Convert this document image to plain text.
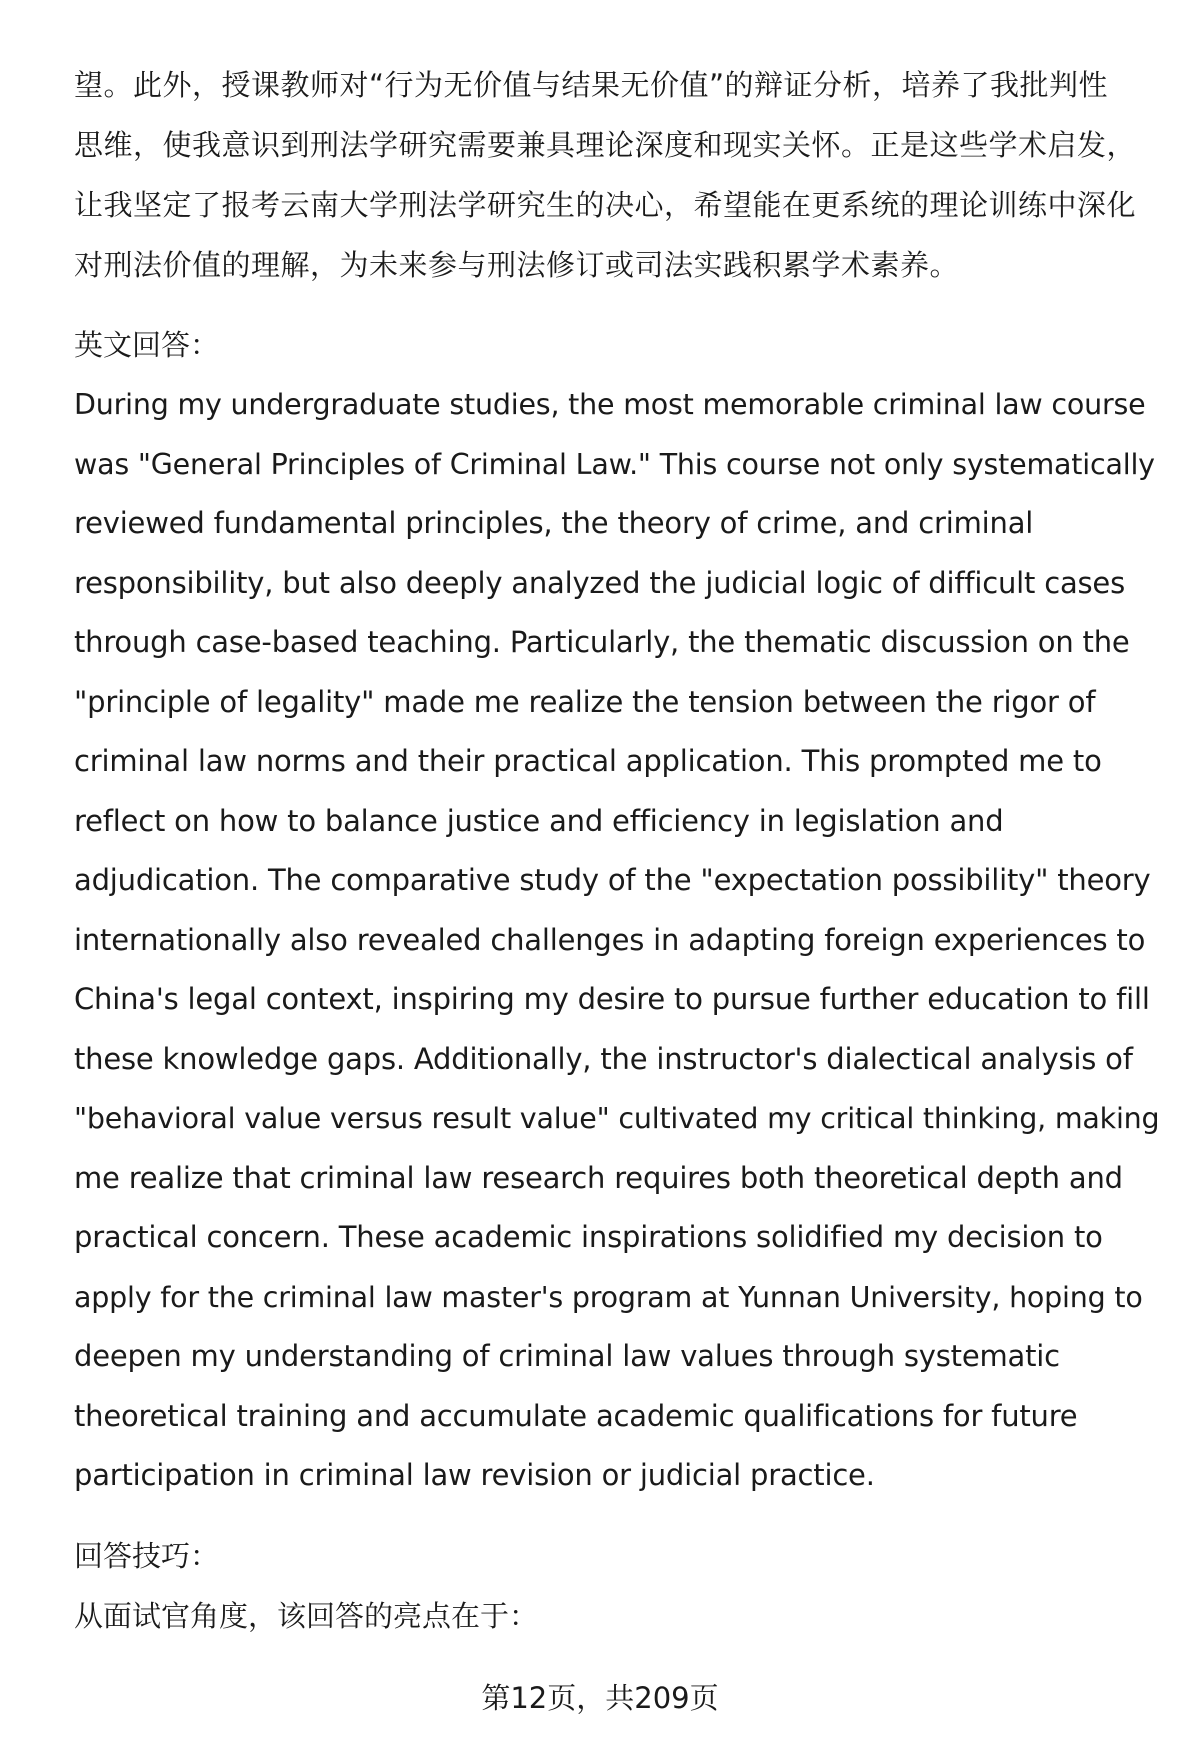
望。此外，授课教师对“行为无价值与结果无价值”的辩证分析，培养了我批判性
思维，使我意识到刑法学研究需要兼具理论深度和现实关怀。正是这些学术启发，
让我坚定了报考云南大学刑法学研究生的决心，希望能在更系统的理论训练中深化
对刑法价值的理解，为未来参与刑法修订或司法实践积累学术素养。
英文回答：
During my undergraduate studies, the most memorable criminal law course
was "General Principles of Criminal Law." This course not only systematically
reviewed fundamental principles, the theory of crime, and criminal
responsibility, but also deeply analyzed the judicial logic of difficult cases
through case-based teaching. Particularly, the thematic discussion on the
"principle of legality" made me realize the tension between the rigor of
criminal law norms and their practical application. This prompted me to
reflect on how to balance justice and efficiency in legislation and
adjudication. The comparative study of the "expectation possibility" theory
internationally also revealed challenges in adapting foreign experiences to
China's legal context, inspiring my desire to pursue further education to fill
these knowledge gaps. Additionally, the instructor's dialectical analysis of
"behavioral value versus result value" cultivated my critical thinking, making
me realize that criminal law research requires both theoretical depth and
practical concern. These academic inspirations solidified my decision to
apply for the criminal law master's program at Yunnan University, hoping to
deepen my understanding of criminal law values through systematic
theoretical training and accumulate academic qualifications for future
participation in criminal law revision or judicial practice.
回答技巧：
从面试官角度，该回答的亮点在于：
第12页，共209页
